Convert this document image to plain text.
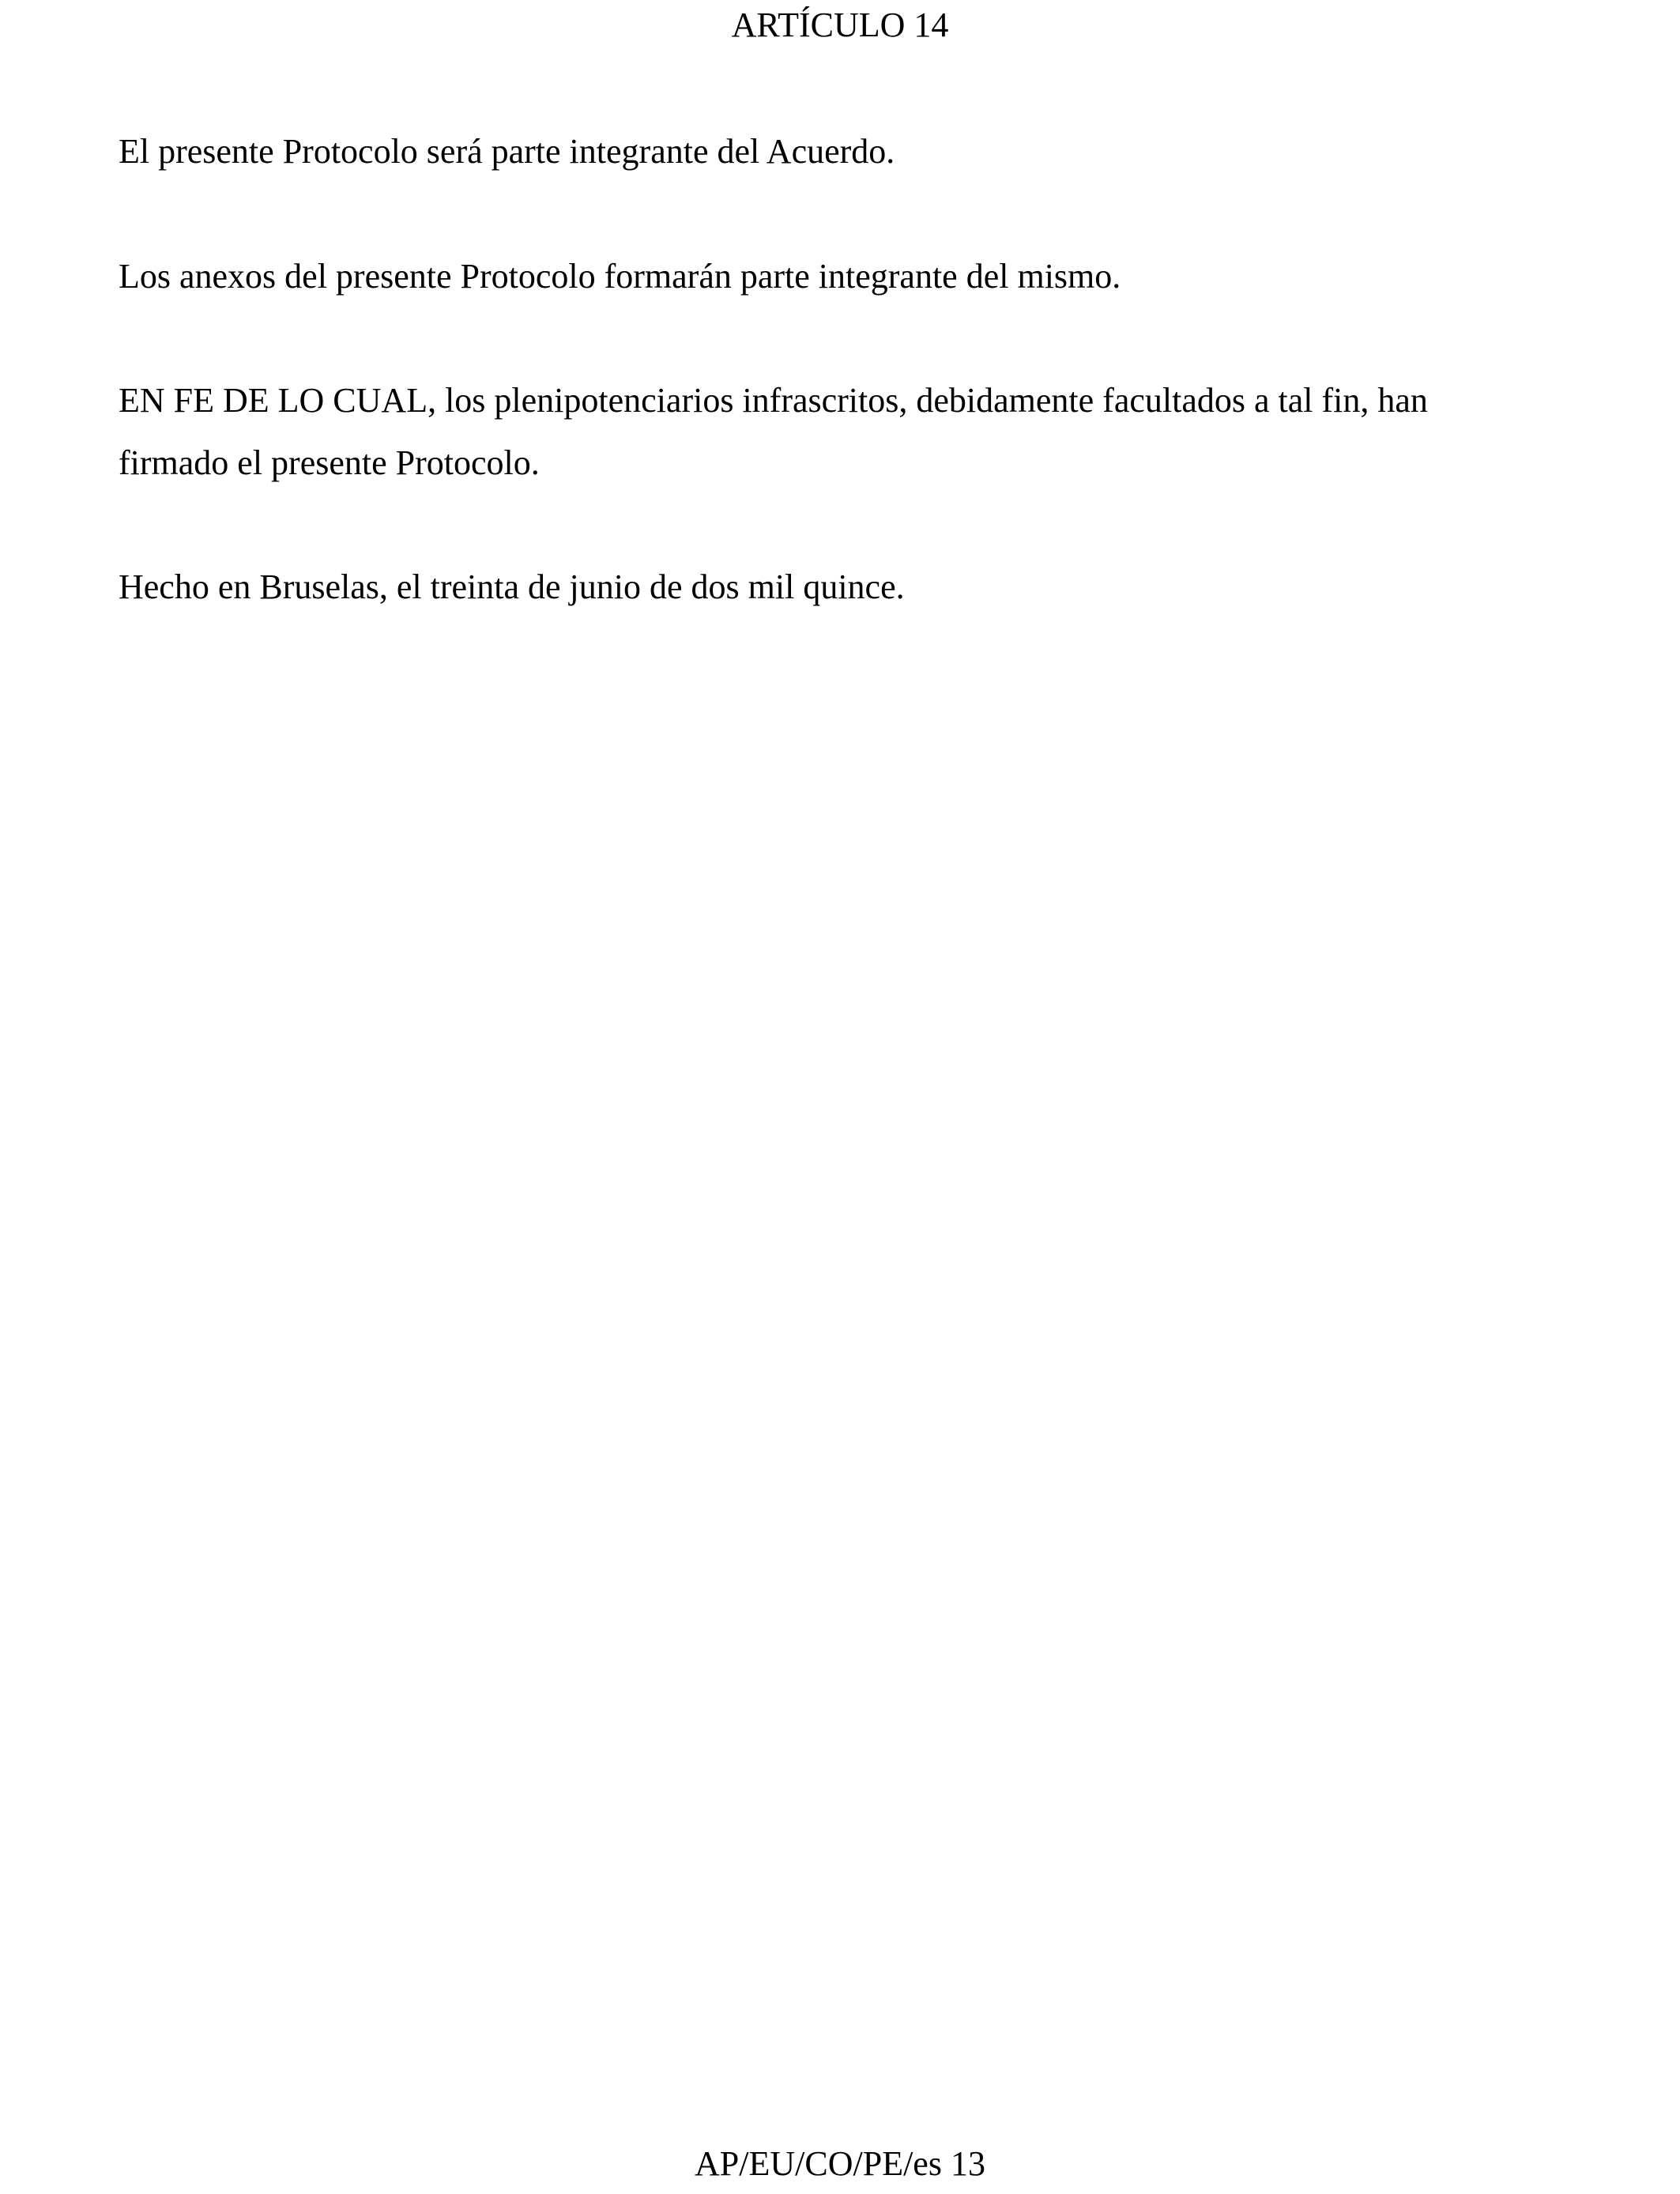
ARTÍCULO 14

El presente Protocolo será parte integrante del Acuerdo.

Los anexos del presente Protocolo formarán parte integrante del mismo.

EN FE DE LO CUAL, los plenipotenciarios infrascritos, debidamente facultados a tal fin, han firmado el presente Protocolo.

Hecho en Bruselas, el treinta de junio de dos mil quince.

AP/EU/CO/PE/es 13
